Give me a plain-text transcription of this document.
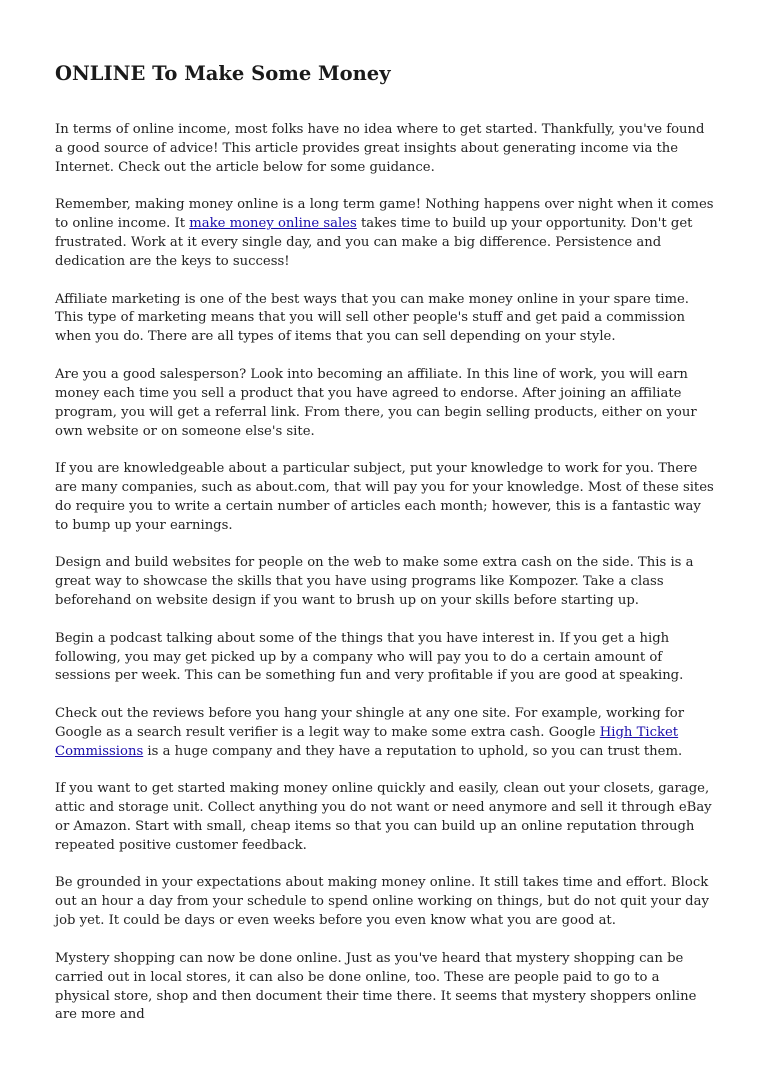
ONLINE To Make Some Money

In terms of online income, most folks have no idea where to get started. Thankfully, you've found a good source of advice! This article provides great insights about generating income via the Internet. Check out the article below for some guidance.

Remember, making money online is a long term game! Nothing happens over night when it comes to online income. It make money online sales takes time to build up your opportunity. Don't get frustrated. Work at it every single day, and you can make a big difference. Persistence and dedication are the keys to success!

Affiliate marketing is one of the best ways that you can make money online in your spare time. This type of marketing means that you will sell other people's stuff and get paid a commission when you do. There are all types of items that you can sell depending on your style.

Are you a good salesperson? Look into becoming an affiliate. In this line of work, you will earn money each time you sell a product that you have agreed to endorse. After joining an affiliate program, you will get a referral link. From there, you can begin selling products, either on your own website or on someone else's site.

If you are knowledgeable about a particular subject, put your knowledge to work for you. There are many companies, such as about.com, that will pay you for your knowledge. Most of these sites do require you to write a certain number of articles each month; however, this is a fantastic way to bump up your earnings.

Design and build websites for people on the web to make some extra cash on the side. This is a great way to showcase the skills that you have using programs like Kompozer. Take a class beforehand on website design if you want to brush up on your skills before starting up.

Begin a podcast talking about some of the things that you have interest in. If you get a high following, you may get picked up by a company who will pay you to do a certain amount of sessions per week. This can be something fun and very profitable if you are good at speaking.

Check out the reviews before you hang your shingle at any one site. For example, working for Google as a search result verifier is a legit way to make some extra cash. Google High Ticket Commissions is a huge company and they have a reputation to uphold, so you can trust them.

If you want to get started making money online quickly and easily, clean out your closets, garage, attic and storage unit. Collect anything you do not want or need anymore and sell it through eBay or Amazon. Start with small, cheap items so that you can build up an online reputation through repeated positive customer feedback.

Be grounded in your expectations about making money online. It still takes time and effort. Block out an hour a day from your schedule to spend online working on things, but do not quit your day job yet. It could be days or even weeks before you even know what you are good at.

Mystery shopping can now be done online. Just as you've heard that mystery shopping can be carried out in local stores, it can also be done online, too. These are people paid to go to a physical store, shop and then document their time there. It seems that mystery shoppers online are more and
